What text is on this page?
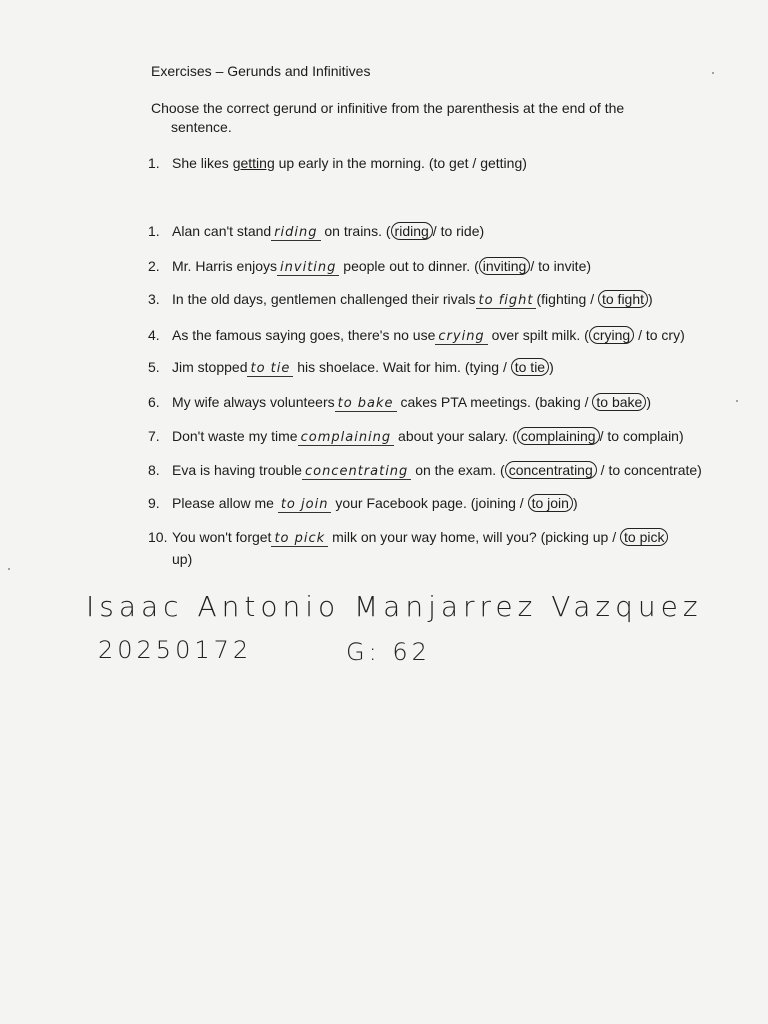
Exercises – Gerunds and Infinitives
Choose the correct gerund or infinitive from the parenthesis at the end of the
sentence.
1. She likes getting up early in the morning. (to get / getting)
1. Alan can't stand riding on trains. ( riding / to ride)
2. Mr. Harris enjoys inviting people out to dinner. ( inviting / to invite)
3. In the old days, gentlemen challenged their rivals to fight (fighting / to fight )
4. As the famous saying goes, there's no use crying over spilt milk. ( crying / to cry)
5. Jim stopped to tie his shoelace. Wait for him. (tying / to tie )
6. My wife always volunteers to bake cakes PTA meetings. (baking / to bake )
7. Don't waste my time complaining about your salary. ( complaining / to complain)
8. Eva is having trouble concentrating on the exam. ( concentrating / to concentrate)
9. Please allow me to join your Facebook page. (joining / to join )
10. You won't forget to pick milk on your way home, will you? (picking up / to pick
up)
Isaac Antonio Manjarrez Vazquez
20250172	G: 62
